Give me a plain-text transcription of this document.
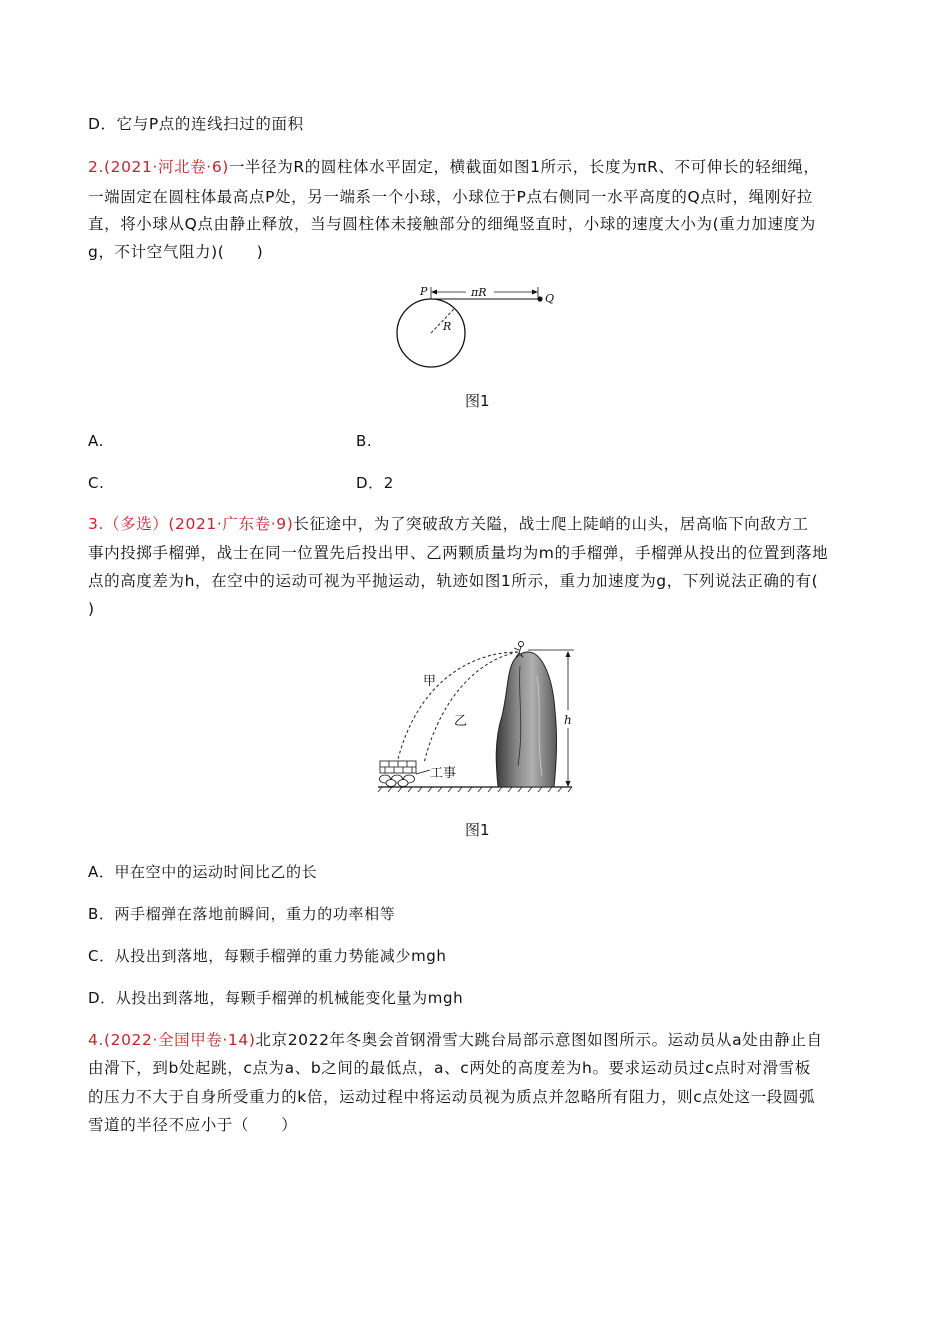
D．它与P点的连线扫过的面积
2.(2021·河北卷·6)一半径为R的圆柱体水平固定，横截面如图1所示，长度为πR、不可伸长的轻细绳，
一端固定在圆柱体最高点P处，另一端系一个小球，小球位于P点右侧同一水平高度的Q点时，绳刚好拉
直，将小球从Q点由静止释放，当与圆柱体未接触部分的细绳竖直时，小球的速度大小为(重力加速度为
g，不计空气阻力)(　　)
P	πR	Q
R
图1
A.	B.
C.	D．2
3.（多选）(2021·广东卷·9)长征途中，为了突破敌方关隘，战士爬上陡峭的山头，居高临下向敌方工
事内投掷手榴弹，战士在同一位置先后投出甲、乙两颗质量均为m的手榴弹，手榴弹从投出的位置到落地
点的高度差为h，在空中的运动可视为平抛运动，轨迹如图1所示，重力加速度为g，下列说法正确的有(
)
甲
乙	h
工事
图1
A．甲在空中的运动时间比乙的长
B．两手榴弹在落地前瞬间，重力的功率相等
C．从投出到落地，每颗手榴弹的重力势能减少mgh
D．从投出到落地，每颗手榴弹的机械能变化量为mgh
4.(2022·全国甲卷·14)北京2022年冬奥会首钢滑雪大跳台局部示意图如图所示。运动员从a处由静止自
由滑下，到b处起跳，c点为a、b之间的最低点，a、c两处的高度差为h。要求运动员过c点时对滑雪板
的压力不大于自身所受重力的k倍，运动过程中将运动员视为质点并忽略所有阻力，则c点处这一段圆弧
雪道的半径不应小于（　　）
